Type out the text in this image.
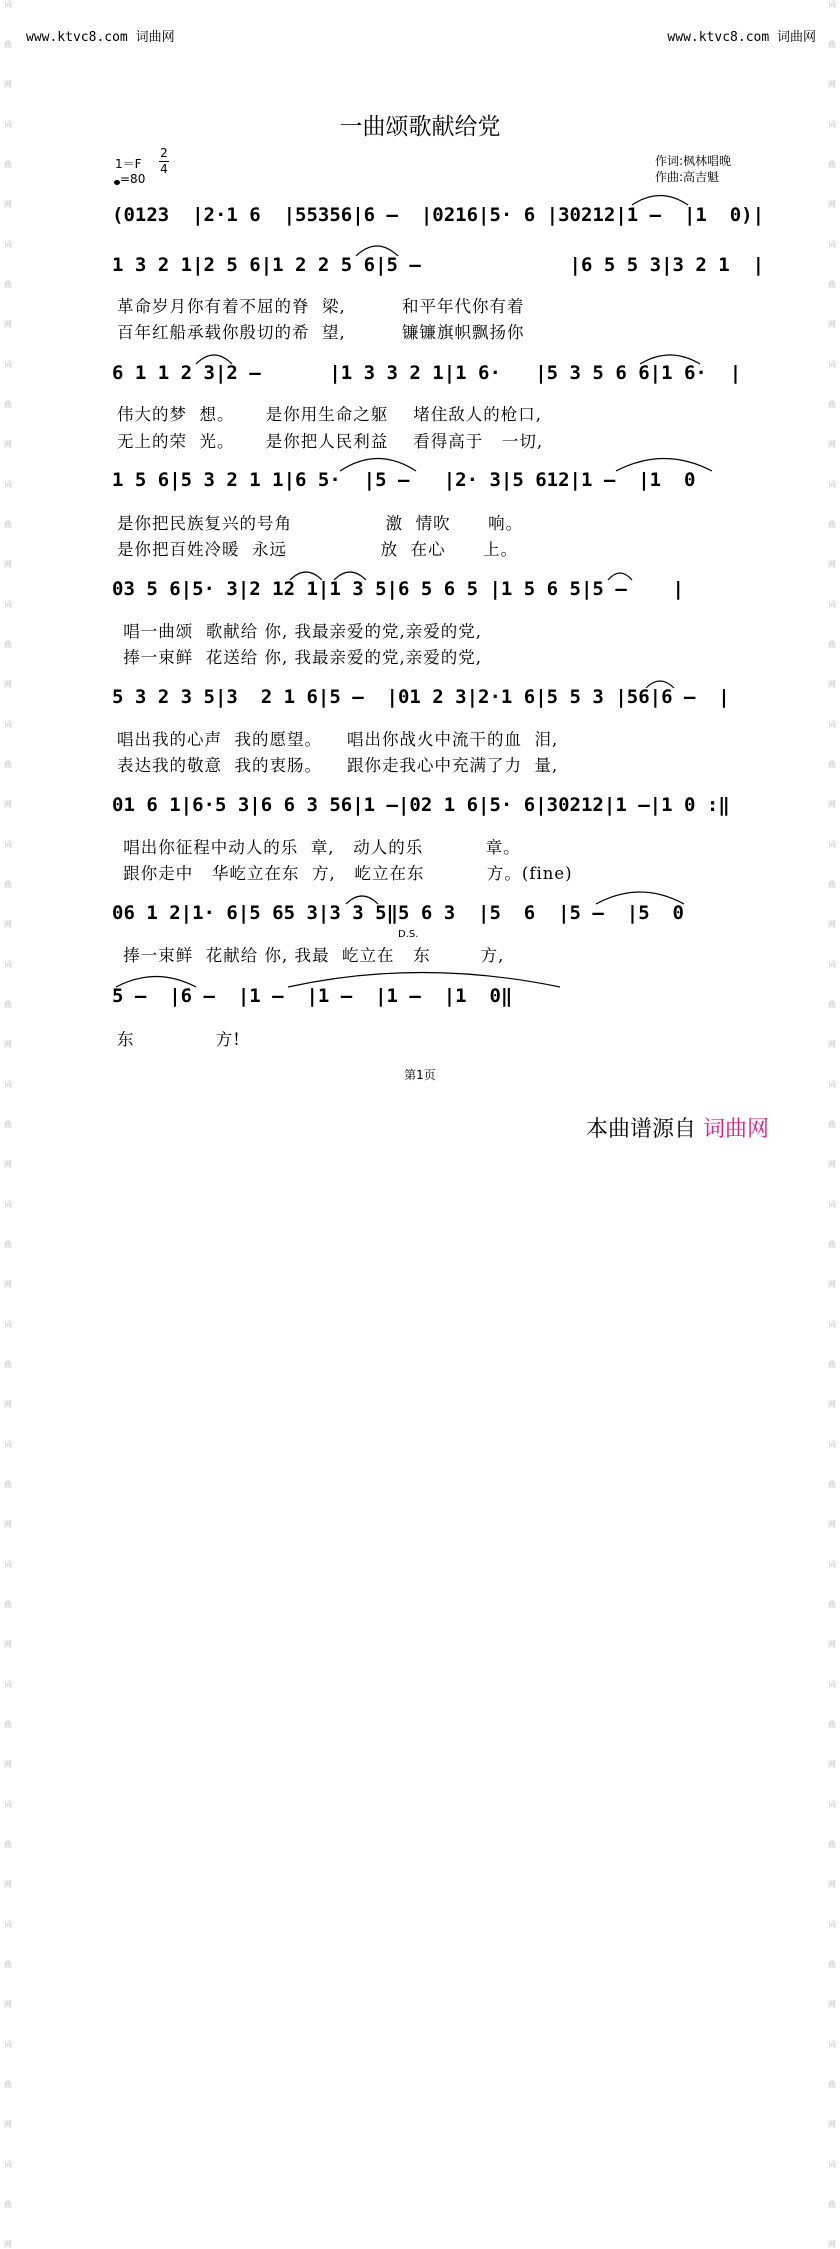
词
曲
网
词
曲
网
词
曲
网
词
曲
网
词
曲
网
词
曲
网
词
曲
网
词
曲
网
词
曲
网
词
曲
网
词
曲
网
词
曲
网
词
曲
网
词
曲
网
词
曲
网
词
曲
网
词
曲
网
词
曲
网
词
曲
网
词
曲
网
词
曲
网
词
曲
网
词
曲
网
词
曲
网
词
曲
网
词
曲
网
词
曲
网
词
曲
网
词
曲
网
词
曲
网
词
曲
网
词
曲
网
词
曲
网
词
曲
网
词
曲
网
词
曲
网
词
曲
网
词
曲
网
www.ktvc8.com 词曲网	www.ktvc8.com 词曲网
一曲颂歌献给党
1＝F
2
4
=80
作词:枫林唱晚
作曲:高吉魁
(0123  |2·1 6  |55356|6 –  |0216|5· 6 |30212|1 –  |1  0)|
1 3 2 1|2 5 6|1 2 2 5 6|5 –             |6 5 5 3|3 2 1  |
革命岁月你有着不屈的脊  梁,         和平年代你有着
百年红船承载你殷切的希  望,         镰镰旗帜飘扬你
6 1 1 2 3|2 –      |1 3 3 2 1|1 6·   |5 3 5 6 6|1 6·  |
伟大的梦  想。     是你用生命之躯    堵住敌人的枪口,
无上的荣  光。     是你把人民利益    看得高于   一切,
1 5 6|5 3 2 1 1|6 5·  |5 –   |2· 3|5 612|1 –  |1  0
是你把民族复兴的号角               激  情吹      响。
是你把百姓冷暖  永远               放  在心      上。
03 5 6|5· 3|2 12 1|1 3 5|6 5 6 5 |1 5 6 5|5 –    |
唱一曲颂  歌献给 你, 我最亲爱的党,亲爱的党,
捧一束鲜  花送给 你, 我最亲爱的党,亲爱的党,
5 3 2 3 5|3  2 1 6|5 –  |01 2 3|2·1 6|5 5 3 |56|6 –  |
唱出我的心声  我的愿望。    唱出你战火中流干的血  泪,
表达我的敬意  我的衷肠。    跟你走我心中充满了力  量,
01 6 1|6·5 3|6 6 3 56|1 –|02 1 6|5· 6|30212|1 –|1 0 :‖
唱出你征程中动人的乐  章,   动人的乐          章。
跟你走中   华屹立在东  方,   屹立在东          方。(fine)
06 1 2|1· 6|5 65 3|3 3 5‖5 6 3  |5  6  |5 –  |5  0
D.S.
捧一束鲜  花献给 你, 我最  屹立在   东        方,
5 –  |6 –  |1 –  |1 –  |1 –  |1  0‖
东             方!
第1页
本曲谱源自 词曲网
